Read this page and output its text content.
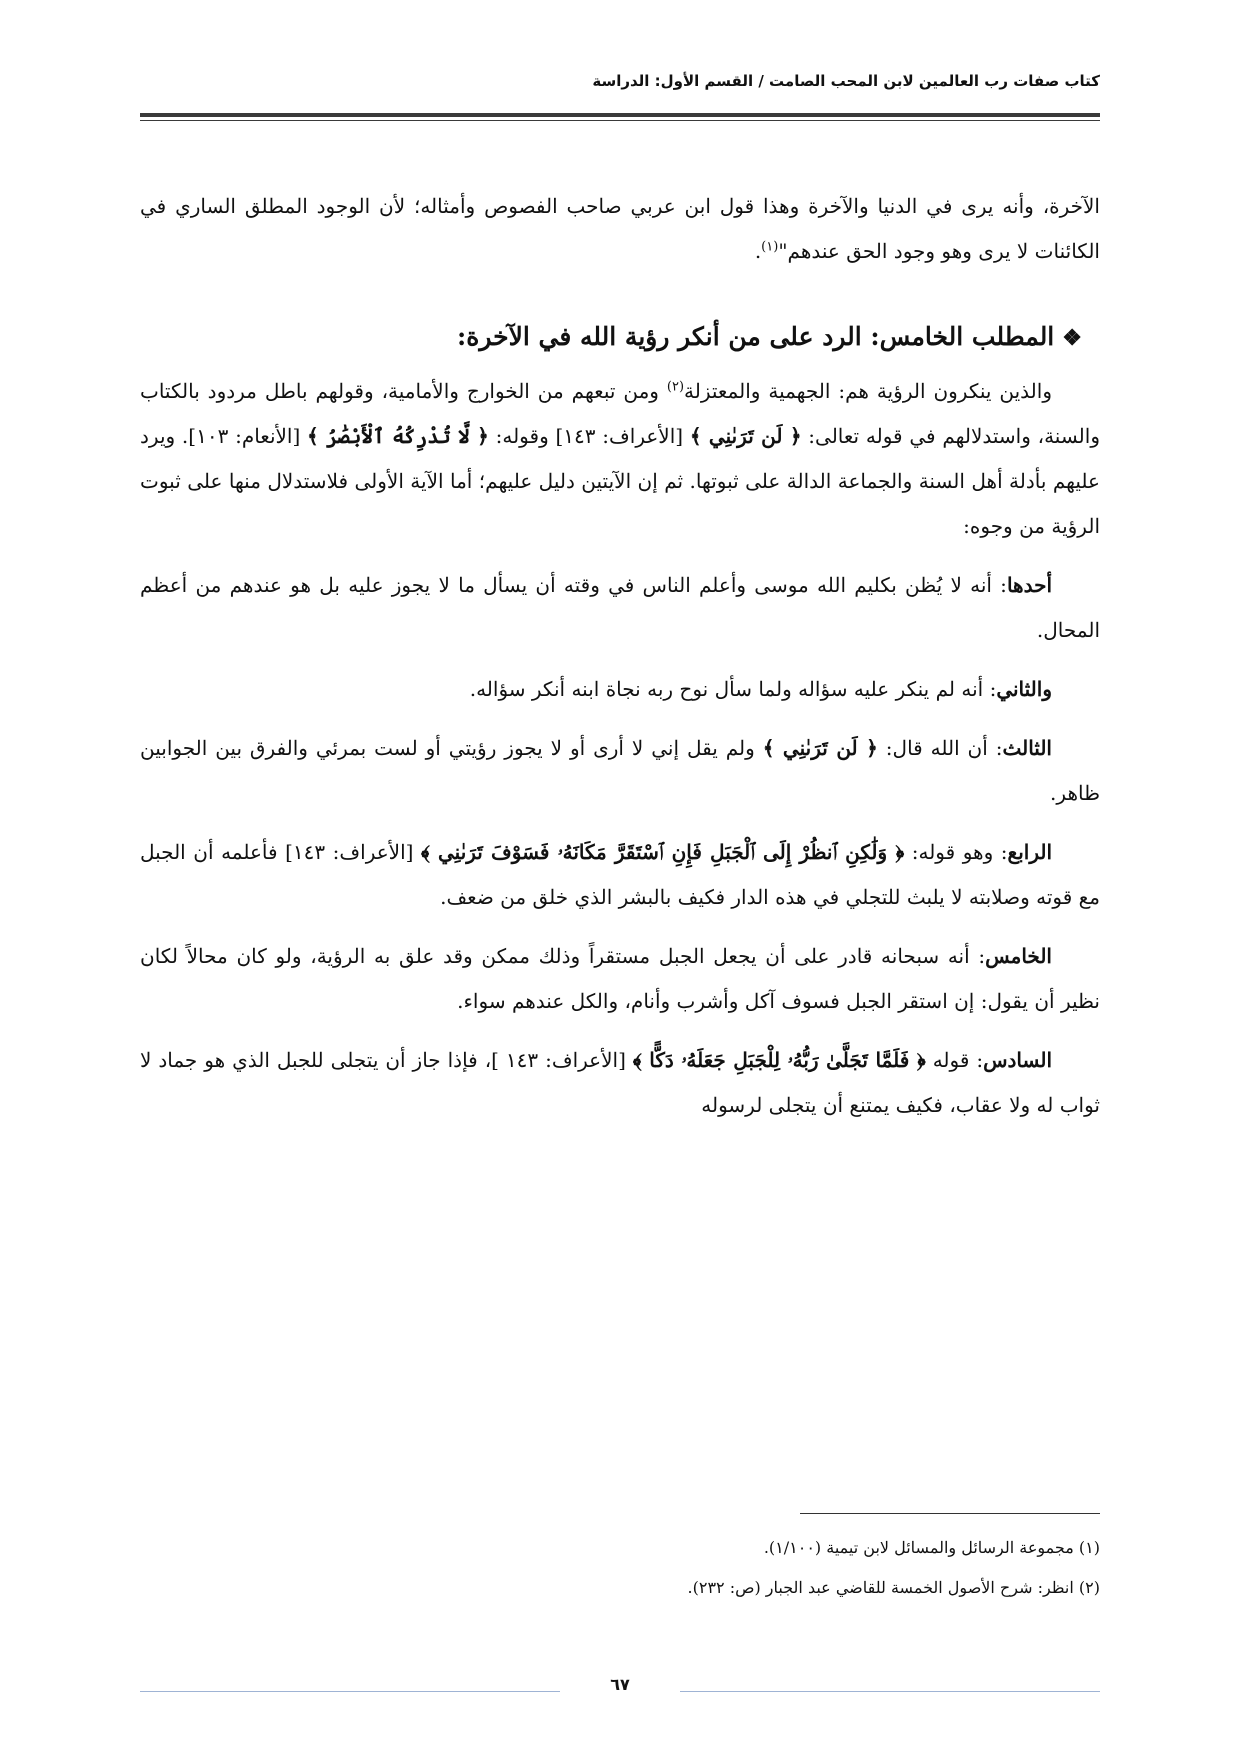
كتاب صفات رب العالمين لابن المحب الصامت / القسم الأول: الدراسة

الآخرة، وأنه يرى في الدنيا والآخرة وهذا قول ابن عربي صاحب الفصوص وأمثاله؛ لأن الوجود المطلق الساري في الكائنات لا يرى وهو وجود الحق عندهم"$^{(١)}$.

❖المطلب الخامس: الرد على من أنكر رؤية الله في الآخرة:

والذين ينكرون الرؤية هم: الجهمية والمعتزلة$^{(٢)}$ ومن تبعهم من الخوارج والأمامية، وقولهم باطل مردود بالكتاب والسنة، واستدلالهم في قوله تعالى: ﴿ لَن تَرَىٰنِي ﴾ [الأعراف: ١٤٣] وقوله: ﴿ لَّا تُدْرِكُهُ ٱلْأَبْصَٰرُ ﴾ [الأنعام: ١٠٣]. ويرد عليهم بأدلة أهل السنة والجماعة الدالة على ثبوتها. ثم إن الآيتين دليل عليهم؛ أما الآية الأولى فلاستدلال منها على ثبوت الرؤية من وجوه:

أحدها: أنه لا يُظن بكليم الله موسى وأعلم الناس في وقته أن يسأل ما لا يجوز عليه بل هو عندهم من أعظم المحال.

والثاني: أنه لم ينكر عليه سؤاله ولما سأل نوح ربه نجاة ابنه أنكر سؤاله.

الثالث: أن الله قال: ﴿ لَن تَرَىٰنِي ﴾ ولم يقل إني لا أرى أو لا يجوز رؤيتي أو لست بمرئي والفرق بين الجوابين ظاهر.

الرابع: وهو قوله: ﴿ وَلَٰكِنِ ٱنظُرْ إِلَى ٱلْجَبَلِ فَإِنِ ٱسْتَقَرَّ مَكَانَهُۥ فَسَوْفَ تَرَىٰنِي ﴾ [الأعراف: ١٤٣] فأعلمه أن الجبل مع قوته وصلابته لا يلبث للتجلي في هذه الدار فكيف بالبشر الذي خلق من ضعف.

الخامس: أنه سبحانه قادر على أن يجعل الجبل مستقراً وذلك ممكن وقد علق به الرؤية، ولو كان محالاً لكان نظير أن يقول: إن استقر الجبل فسوف آكل وأشرب وأنام، والكل عندهم سواء.

السادس: قوله ﴿ فَلَمَّا تَجَلَّىٰ رَبُّهُۥ لِلْجَبَلِ جَعَلَهُۥ دَكًّا ﴾ [الأعراف: ١٤٣ ]، فإذا جاز أن يتجلى للجبل الذي هو جماد لا ثواب له ولا عقاب، فكيف يمتنع أن يتجلى لرسوله

(١) مجموعة الرسائل والمسائل لابن تيمية (١/١٠٠).

(٢) انظر: شرح الأصول الخمسة للقاضي عبد الجبار (ص: ٢٣٢).

٦٧
